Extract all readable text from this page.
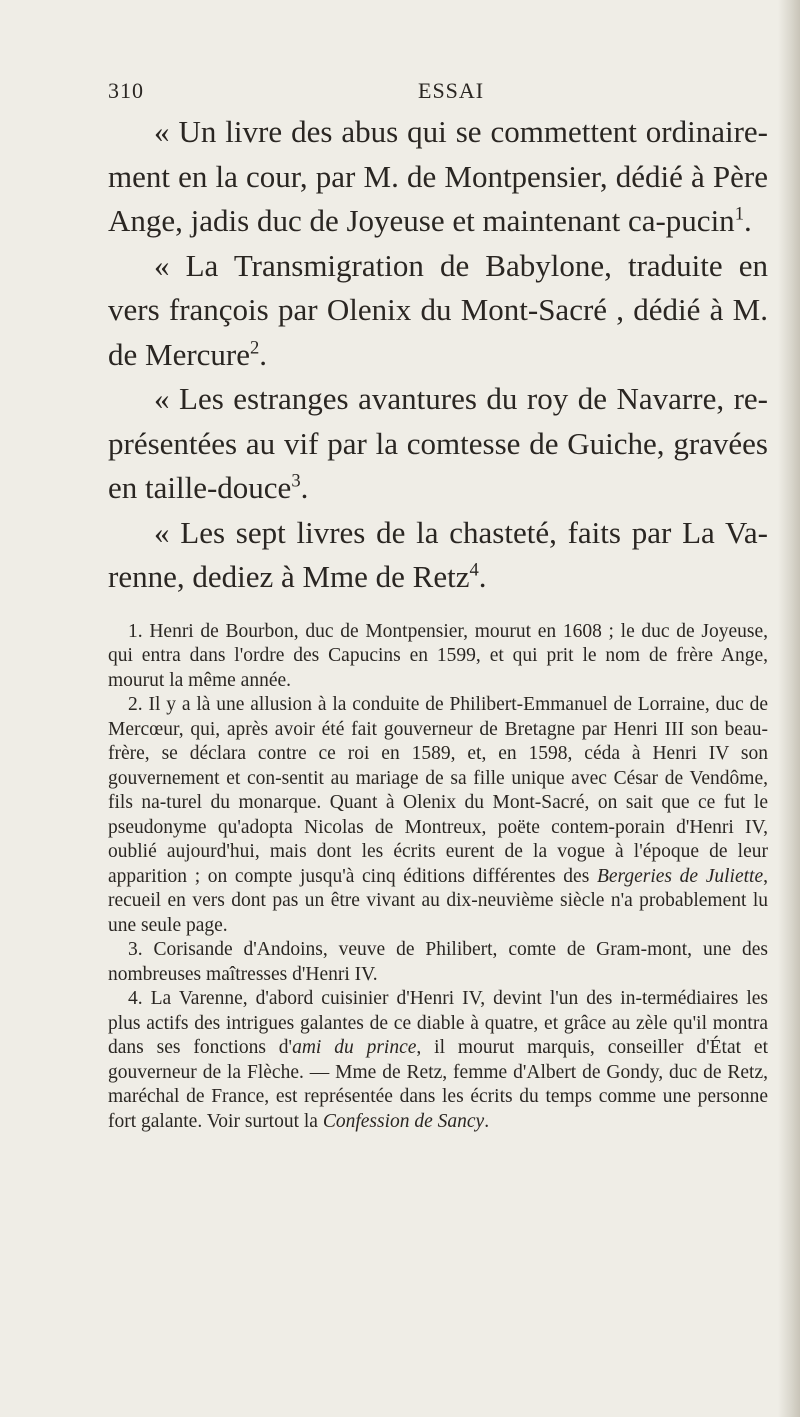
310	ESSAI

« Un livre des abus qui se commettent ordinaire-ment en la cour, par M. de Montpensier, dédié à Père Ange, jadis duc de Joyeuse et maintenant ca-pucin$^1$.

« La Transmigration de Babylone, traduite en vers françois par Olenix du Mont-Sacré , dédié à M. de Mercure$^2$.

« Les estranges avantures du roy de Navarre, re-présentées au vif par la comtesse de Guiche, gravées en taille-douce$^3$.

« Les sept livres de la chasteté, faits par La Va-renne, dediez à Mme de Retz$^4$.

1. Henri de Bourbon, duc de Montpensier, mourut en 1608 ; le duc de Joyeuse, qui entra dans l'ordre des Capucins en 1599, et qui prit le nom de frère Ange, mourut la même année.

2. Il y a là une allusion à la conduite de Philibert-Emmanuel de Lorraine, duc de Mercœur, qui, après avoir été fait gouverneur de Bretagne par Henri III son beau-frère, se déclara contre ce roi en 1589, et, en 1598, céda à Henri IV son gouvernement et con-sentit au mariage de sa fille unique avec César de Vendôme, fils na-turel du monarque. Quant à Olenix du Mont-Sacré, on sait que ce fut le pseudonyme qu'adopta Nicolas de Montreux, poëte contem-porain d'Henri IV, oublié aujourd'hui, mais dont les écrits eurent de la vogue à l'époque de leur apparition ; on compte jusqu'à cinq éditions différentes des Bergeries de Juliette, recueil en vers dont pas un être vivant au dix-neuvième siècle n'a probablement lu une seule page.

3. Corisande d'Andoins, veuve de Philibert, comte de Gram-mont, une des nombreuses maîtresses d'Henri IV.

4. La Varenne, d'abord cuisinier d'Henri IV, devint l'un des in-termédiaires les plus actifs des intrigues galantes de ce diable à quatre, et grâce au zèle qu'il montra dans ses fonctions d'ami du prince, il mourut marquis, conseiller d'État et gouverneur de la Flèche. — Mme de Retz, femme d'Albert de Gondy, duc de Retz, maréchal de France, est représentée dans les écrits du temps comme une personne fort galante. Voir surtout la Confession de Sancy.
